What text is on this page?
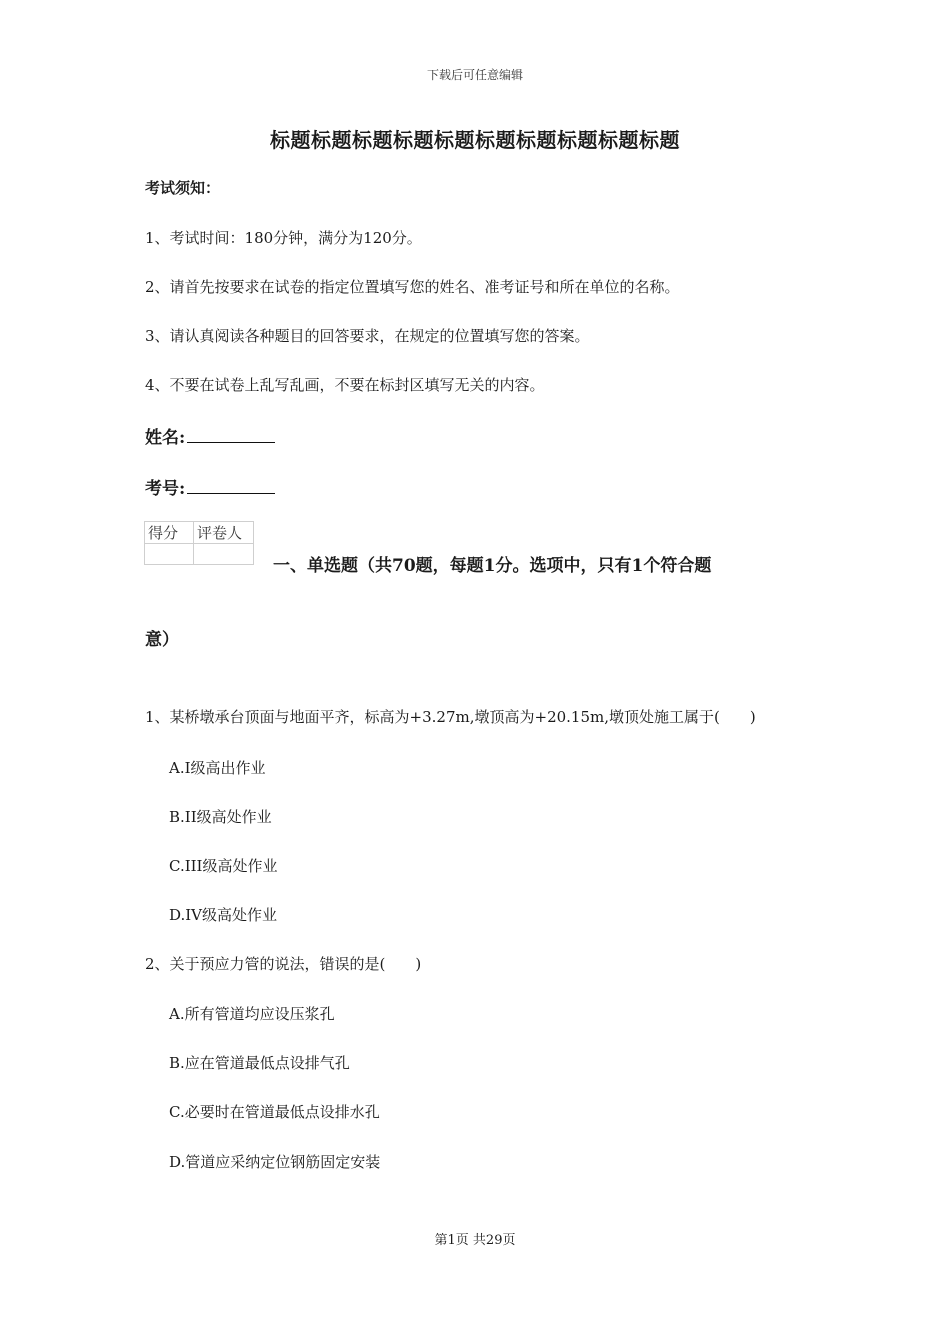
下载后可任意编辑
标题标题标题标题标题标题标题标题标题标题
考试须知：
1、考试时间：180分钟，满分为120分。
2、请首先按要求在试卷的指定位置填写您的姓名、准考证号和所在单位的名称。
3、请认真阅读各种题目的回答要求，在规定的位置填写您的答案。
4、不要在试卷上乱写乱画，不要在标封区填写无关的内容。
姓名:
考号:
得分	评卷人

一、单选题（共70题，每题1分。选项中，只有1个符合题
意）
1、某桥墩承台顶面与地面平齐，标高为+3.27m,墩顶高为+20.15m,墩顶处施工属于(　　)
A.I级高出作业
B.II级高处作业
C.III级高处作业
D.IV级高处作业
2、关于预应力管的说法，错误的是(　　)
A.所有管道均应设压浆孔
B.应在管道最低点设排气孔
C.必要时在管道最低点设排水孔
D.管道应采纳定位钢筋固定安装
第1页 共29页
